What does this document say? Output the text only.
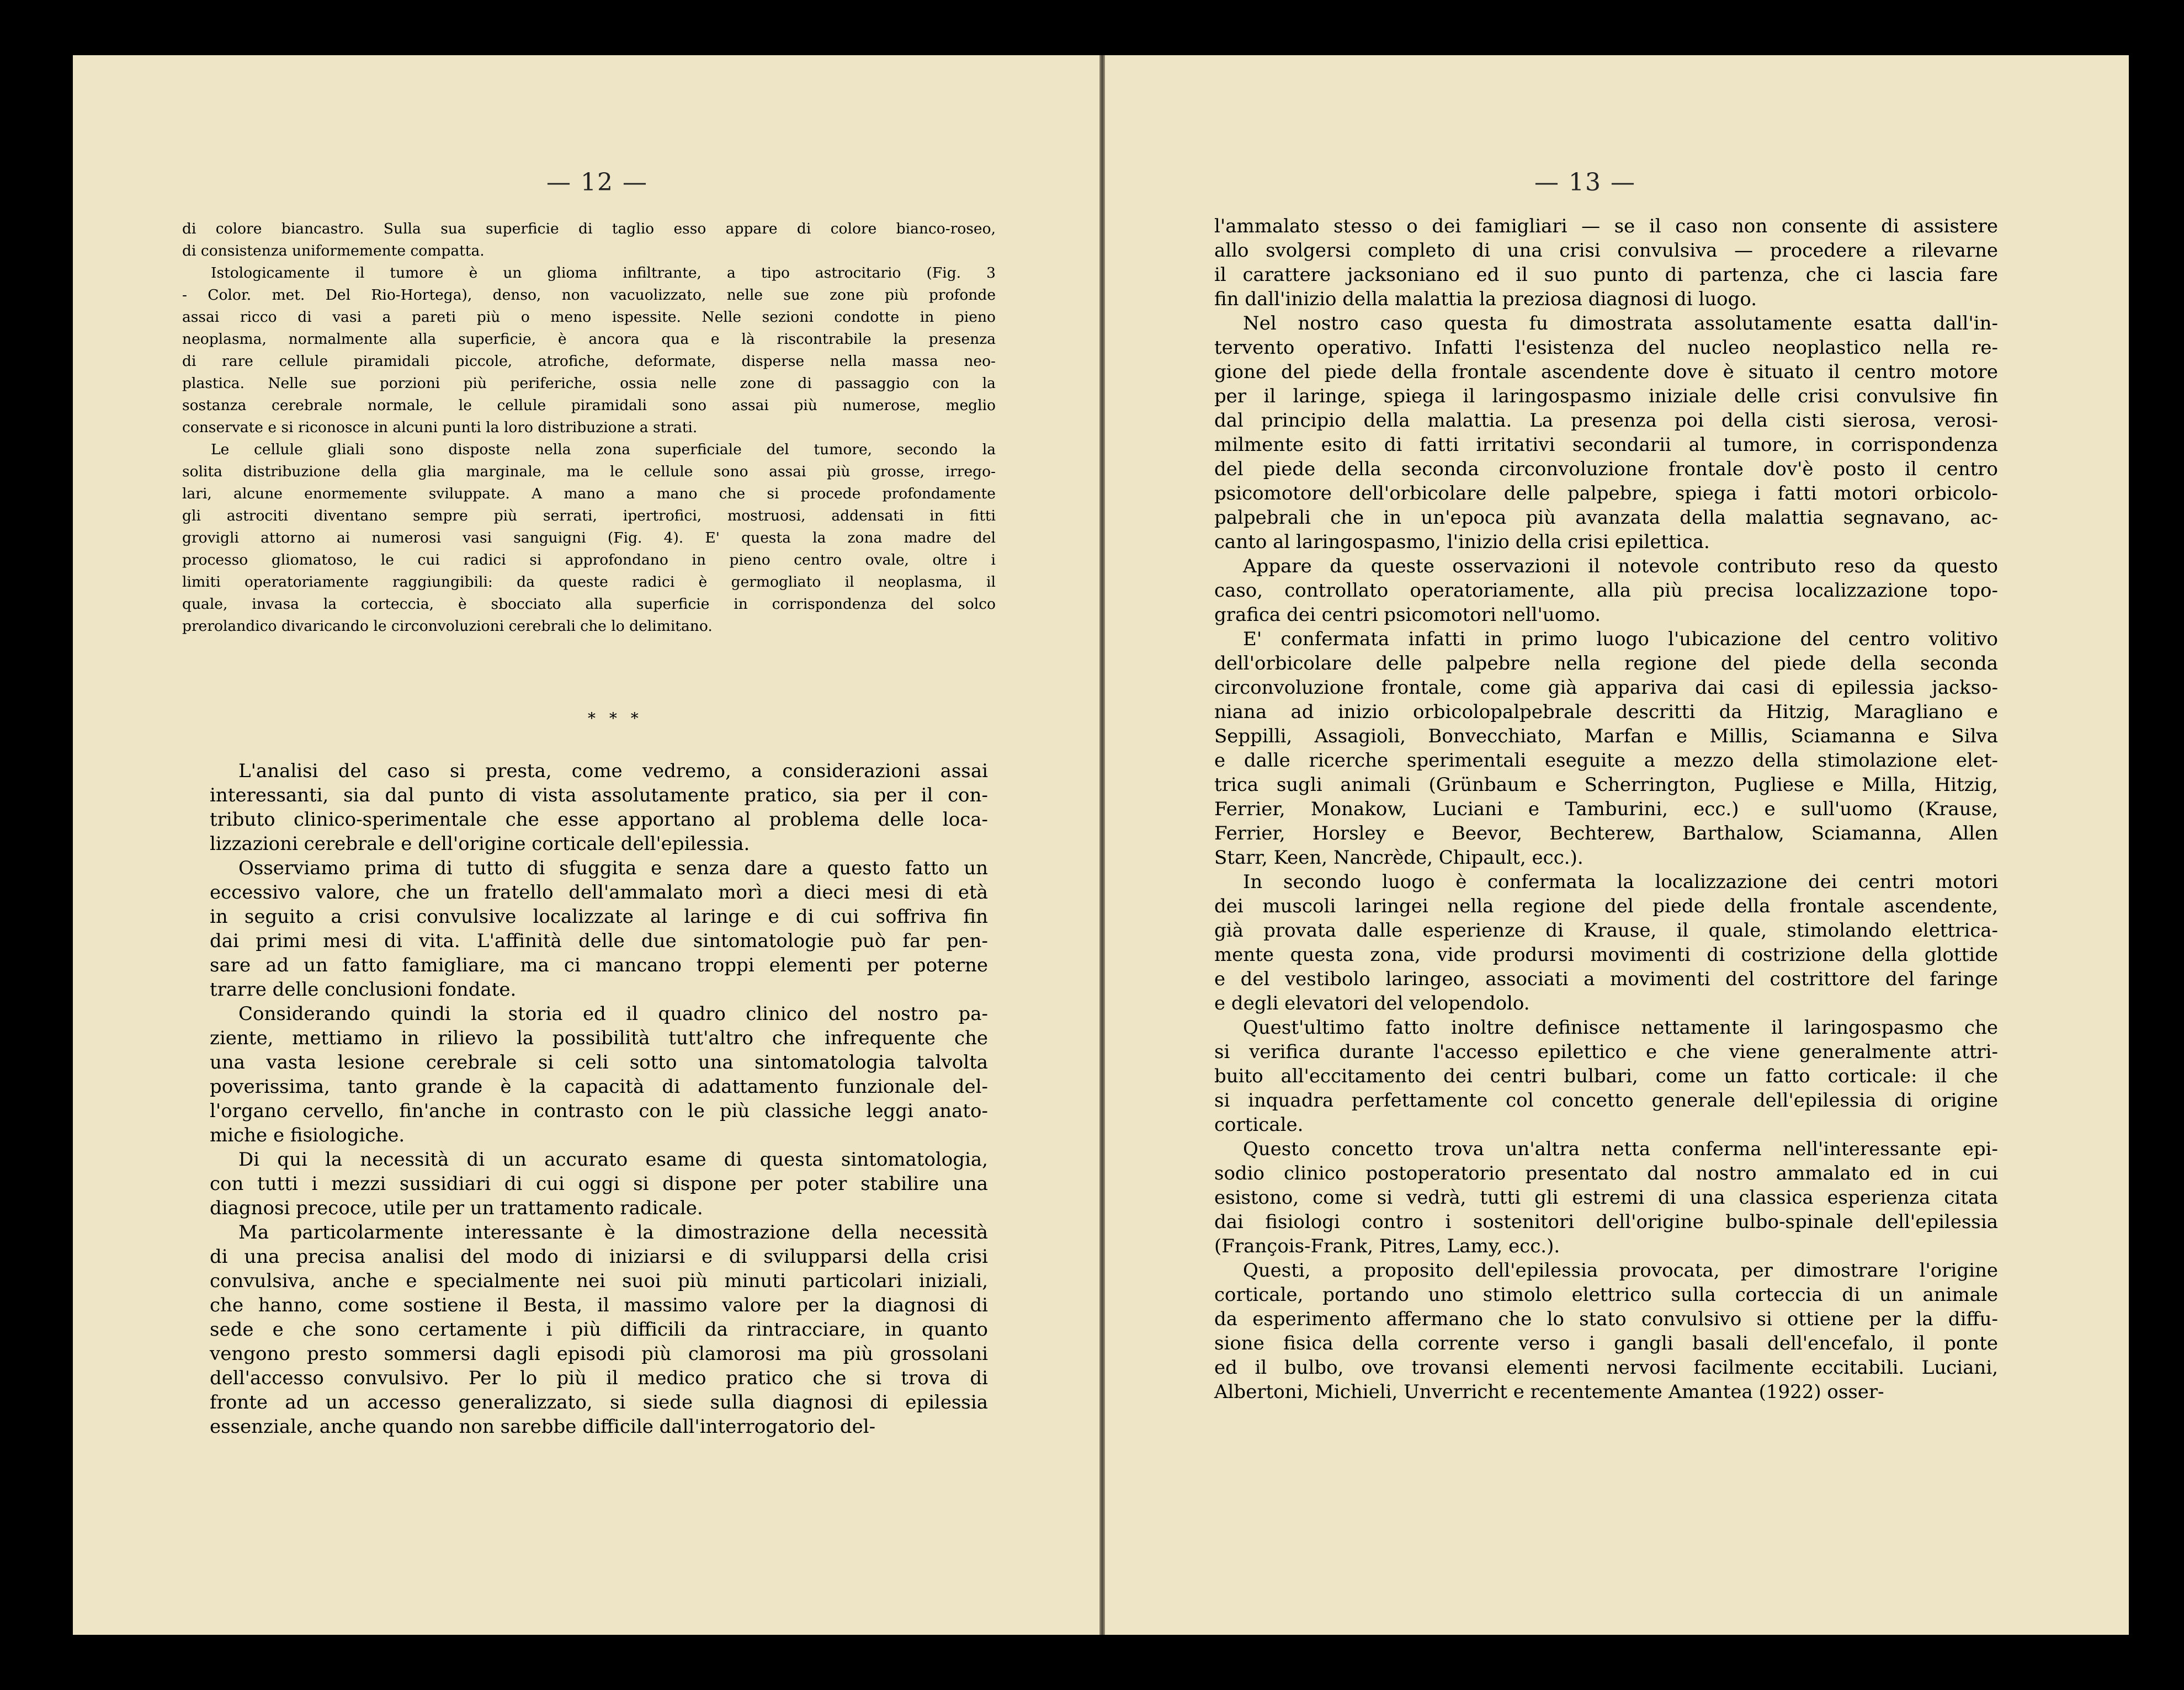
— 12 —	— 13 —

di colore biancastro. Sulla sua superficie di taglio esso appare di colore bianco-roseo,

di consistenza uniformemente compatta.

Istologicamente il tumore è un glioma infiltrante, a tipo astrocitario (Fig. 3

- Color. met. Del Rio-Hortega), denso, non vacuolizzato, nelle sue zone più profonde

assai ricco di vasi a pareti più o meno ispessite. Nelle sezioni condotte in pieno

neoplasma, normalmente alla superficie, è ancora qua e là riscontrabile la presenza

di rare cellule piramidali piccole, atrofiche, deformate, disperse nella massa neo-

plastica. Nelle sue porzioni più periferiche, ossia nelle zone di passaggio con la

sostanza cerebrale normale, le cellule piramidali sono assai più numerose, meglio

conservate e si riconosce in alcuni punti la loro distribuzione a strati.

Le cellule gliali sono disposte nella zona superficiale del tumore, secondo la

solita distribuzione della glia marginale, ma le cellule sono assai più grosse, irrego-

lari, alcune enormemente sviluppate. A mano a mano che si procede profondamente

gli astrociti diventano sempre più serrati, ipertrofici, mostruosi, addensati in fitti

grovigli attorno ai numerosi vasi sanguigni (Fig. 4). E' questa la zona madre del

processo gliomatoso, le cui radici si approfondano in pieno centro ovale, oltre i

limiti operatoriamente raggiungibili: da queste radici è germogliato il neoplasma, il

quale, invasa la corteccia, è sbocciato alla superficie in corrispondenza del solco

prerolandico divaricando le circonvoluzioni cerebrali che lo delimitano.

* * *

L'analisi del caso si presta, come vedremo, a considerazioni assai

interessanti, sia dal punto di vista assolutamente pratico, sia per il con-

tributo clinico-sperimentale che esse apportano al problema delle loca-

lizzazioni cerebrale e dell'origine corticale dell'epilessia.

Osserviamo prima di tutto di sfuggita e senza dare a questo fatto un

eccessivo valore, che un fratello dell'ammalato morì a dieci mesi di età

in seguito a crisi convulsive localizzate al laringe e di cui soffriva fin

dai primi mesi di vita. L'affinità delle due sintomatologie può far pen-

sare ad un fatto famigliare, ma ci mancano troppi elementi per poterne

trarre delle conclusioni fondate.

Considerando quindi la storia ed il quadro clinico del nostro pa-

ziente, mettiamo in rilievo la possibilità tutt'altro che infrequente che

una vasta lesione cerebrale si celi sotto una sintomatologia talvolta

poverissima, tanto grande è la capacità di adattamento funzionale del-

l'organo cervello, fin'anche in contrasto con le più classiche leggi anato-

miche e fisiologiche.

Di qui la necessità di un accurato esame di questa sintomatologia,

con tutti i mezzi sussidiari di cui oggi si dispone per poter stabilire una

diagnosi precoce, utile per un trattamento radicale.

Ma particolarmente interessante è la dimostrazione della necessità

di una precisa analisi del modo di iniziarsi e di svilupparsi della crisi

convulsiva, anche e specialmente nei suoi più minuti particolari iniziali,

che hanno, come sostiene il Besta, il massimo valore per la diagnosi di

sede e che sono certamente i più difficili da rintracciare, in quanto

vengono presto sommersi dagli episodi più clamorosi ma più grossolani

dell'accesso convulsivo. Per lo più il medico pratico che si trova di

fronte ad un accesso generalizzato, si siede sulla diagnosi di epilessia

essenziale, anche quando non sarebbe difficile dall'interrogatorio del-

l'ammalato stesso o dei famigliari — se il caso non consente di assistere

allo svolgersi completo di una crisi convulsiva — procedere a rilevarne

il carattere jacksoniano ed il suo punto di partenza, che ci lascia fare

fin dall'inizio della malattia la preziosa diagnosi di luogo.

Nel nostro caso questa fu dimostrata assolutamente esatta dall'in-

tervento operativo. Infatti l'esistenza del nucleo neoplastico nella re-

gione del piede della frontale ascendente dove è situato il centro motore

per il laringe, spiega il laringospasmo iniziale delle crisi convulsive fin

dal principio della malattia. La presenza poi della cisti sierosa, verosi-

milmente esito di fatti irritativi secondarii al tumore, in corrispondenza

del piede della seconda circonvoluzione frontale dov'è posto il centro

psicomotore dell'orbicolare delle palpebre, spiega i fatti motori orbicolo-

palpebrali che in un'epoca più avanzata della malattia segnavano, ac-

canto al laringospasmo, l'inizio della crisi epilettica.

Appare da queste osservazioni il notevole contributo reso da questo

caso, controllato operatoriamente, alla più precisa localizzazione topo-

grafica dei centri psicomotori nell'uomo.

E' confermata infatti in primo luogo l'ubicazione del centro volitivo

dell'orbicolare delle palpebre nella regione del piede della seconda

circonvoluzione frontale, come già appariva dai casi di epilessia jackso-

niana ad inizio orbicolopalpebrale descritti da Hitzig, Maragliano e

Seppilli, Assagioli, Bonvecchiato, Marfan e Millis, Sciamanna e Silva

e dalle ricerche sperimentali eseguite a mezzo della stimolazione elet-

trica sugli animali (Grünbaum e Scherrington, Pugliese e Milla, Hitzig,

Ferrier, Monakow, Luciani e Tamburini, ecc.) e sull'uomo (Krause,

Ferrier, Horsley e Beevor, Bechterew, Barthalow, Sciamanna, Allen

Starr, Keen, Nancrède, Chipault, ecc.).

In secondo luogo è confermata la localizzazione dei centri motori

dei muscoli laringei nella regione del piede della frontale ascendente,

già provata dalle esperienze di Krause, il quale, stimolando elettrica-

mente questa zona, vide prodursi movimenti di costrizione della glottide

e del vestibolo laringeo, associati a movimenti del costrittore del faringe

e degli elevatori del velopendolo.

Quest'ultimo fatto inoltre definisce nettamente il laringospasmo che

si verifica durante l'accesso epilettico e che viene generalmente attri-

buito all'eccitamento dei centri bulbari, come un fatto corticale: il che

si inquadra perfettamente col concetto generale dell'epilessia di origine

corticale.

Questo concetto trova un'altra netta conferma nell'interessante epi-

sodio clinico postoperatorio presentato dal nostro ammalato ed in cui

esistono, come si vedrà, tutti gli estremi di una classica esperienza citata

dai fisiologi contro i sostenitori dell'origine bulbo-spinale dell'epilessia

(François-Frank, Pitres, Lamy, ecc.).

Questi, a proposito dell'epilessia provocata, per dimostrare l'origine

corticale, portando uno stimolo elettrico sulla corteccia di un animale

da esperimento affermano che lo stato convulsivo si ottiene per la diffu-

sione fisica della corrente verso i gangli basali dell'encefalo, il ponte

ed il bulbo, ove trovansi elementi nervosi facilmente eccitabili. Luciani,

Albertoni, Michieli, Unverricht e recentemente Amantea (1922) osser-
